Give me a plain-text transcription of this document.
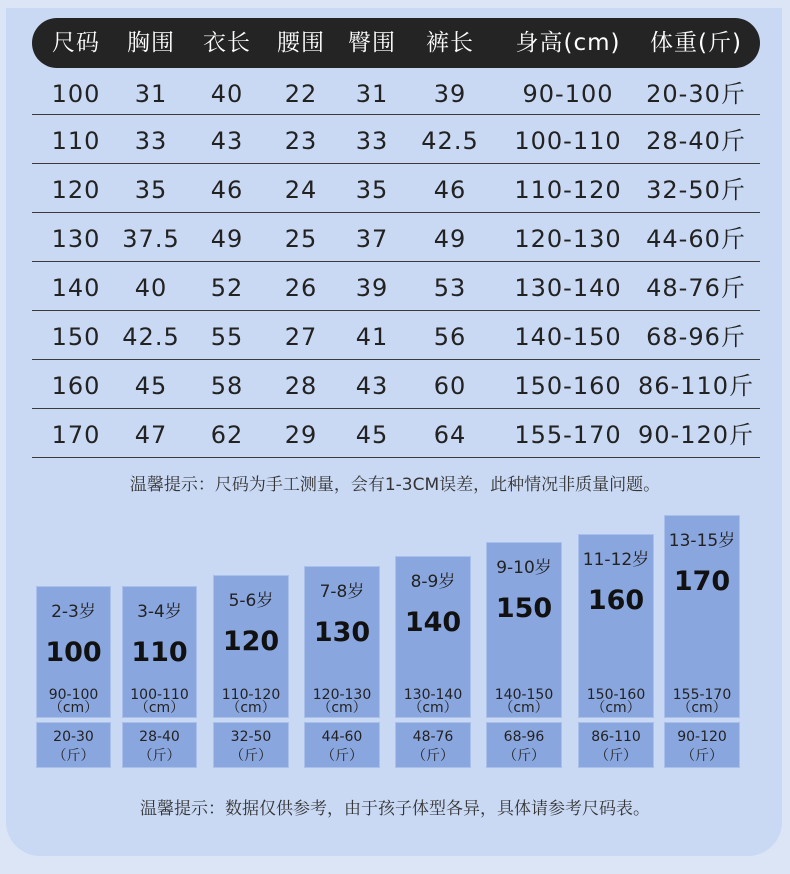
尺码 胸围 衣长 腰围 臀围 裤长 身高(cm) 体重(斤)
100 31 40 22 31 39 90-100 20-30斤
110 33 43 23 33 42.5 100-110 28-40斤
120 35 46 24 35 46 110-120 32-50斤
130 37.5 49 25 37 49 120-130 44-60斤
140 40 52 26 39 53 130-140 48-76斤
150 42.5 55 27 41 56 140-150 68-96斤
160 45 58 28 43 60 150-160 86-110斤
170 47 62 29 45 64 155-170 90-120斤
温馨提示：尺码为手工测量，会有1-3CM误差，此种情况非质量问题。
2-3岁
100
90-100
（cm）
20-30
（斤）
3-4岁
110
100-110
（cm）
28-40
（斤）
5-6岁
120
110-120
（cm）
32-50
（斤）
7-8岁
130
120-130
（cm）
44-60
（斤）
8-9岁
140
130-140
（cm）
48-76
（斤）
9-10岁
150
140-150
（cm）
68-96
（斤）
11-12岁
160
150-160
（cm）
86-110
（斤）
13-15岁
170
155-170
（cm）
90-120
（斤）
温馨提示：数据仅供参考，由于孩子体型各异，具体请参考尺码表。
